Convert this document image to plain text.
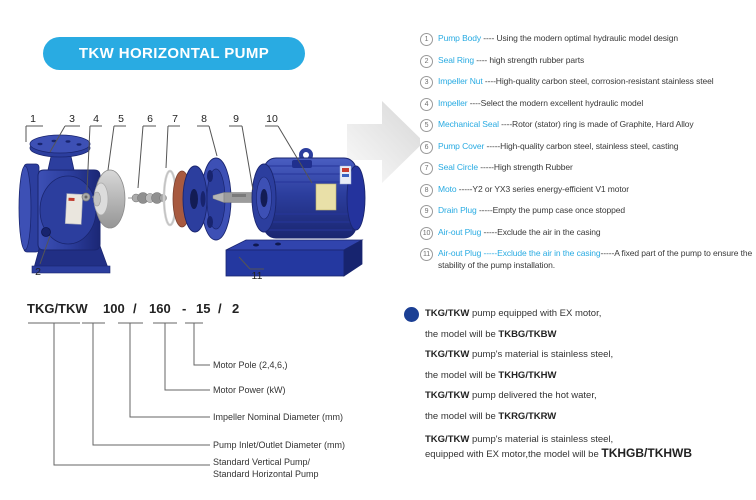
TKW HORIZONTAL PUMP
1	3 4 5 6 7 8 9	10
2	11
1	Pump Body ---- Using the modern optimal hydraulic model design
2	Seal Ring ---- high strength rubber parts
3	Impeller Nut ----High-quality carbon steel, corrosion-resistant stainless steel
4	Impeller ----Select the modern excellent hydraulic model
5	Mechanical Seal ----Rotor (stator) ring is made of Graphite, Hard Alloy
6	Pump Cover -----High-quality carbon steel, stainless steel, casting
7	Seal Circle -----High strength Rubber
8	Moto -----Y2 or YX3 series energy-efficient V1 motor
9	Drain Plug -----Empty the pump case once stopped
10 Air-out Plug -----Exclude the air in the casing
11 Air-out Plug -----Exclude the air in the casing-----A fixed part of the pump to ensure the stability of the pump installation.
TKG/TKW 100 / 160 - 15 / 2
Motor Pole (2,4,6,)
Motor Power (kW)
Impeller Nominal Diameter (mm)
Pump Inlet/Outlet Diameter (mm)
Standard Vertical Pump/
Standard Horizontal Pump
TKG/TKW pump equipped with EX motor,
the model will be TKBG/TKBW
TKG/TKW pump's material is stainless steel,
the model will be TKHG/TKHW
TKG/TKW pump delivered the hot water,
the model will be TKRG/TKRW
TKG/TKW pump's material is stainless steel,
equipped with EX motor,the model will be TKHGB/TKHWB
